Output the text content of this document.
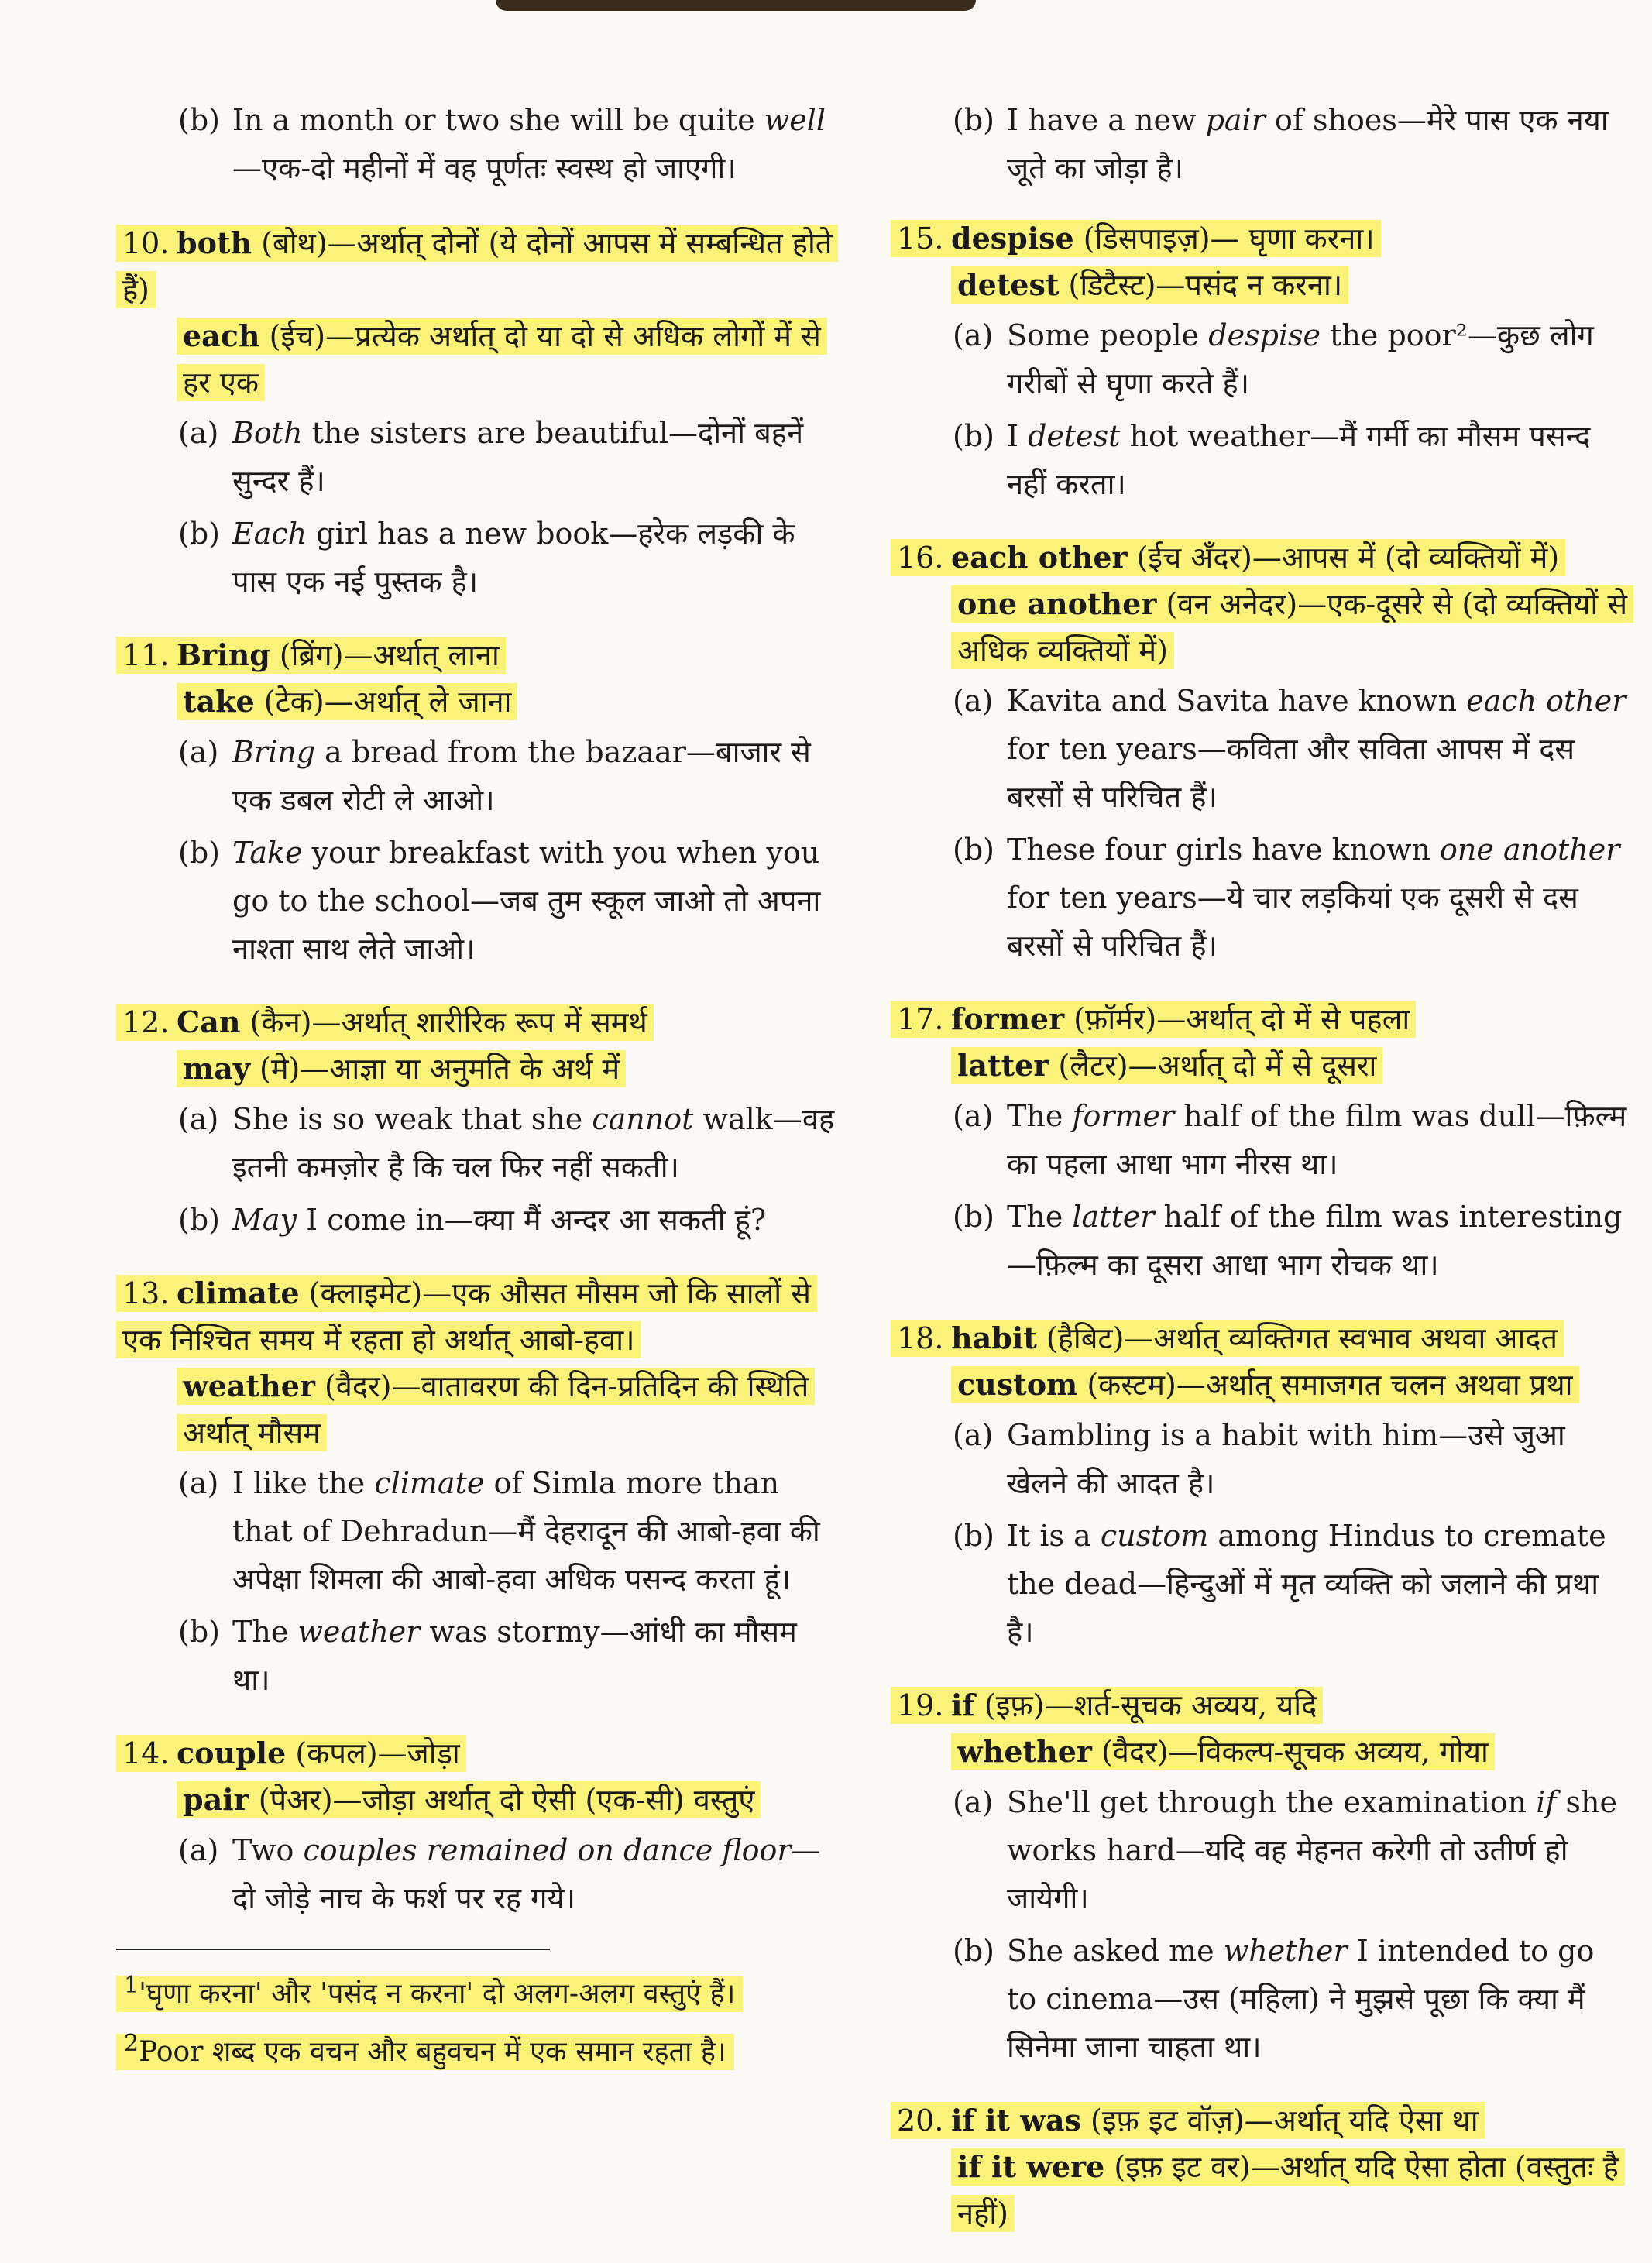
(b) In a month or two she will be quite well—एक-दो महीनों में वह पूर्णतः स्वस्थ हो जाएगी।

10. both (बोथ)—अर्थात् दोनों (ये दोनों आपस में सम्बन्धित होते हैं)

each (ईच)—प्रत्येक अर्थात् दो या दो से अधिक लोगों में से हर एक

(a) Both the sisters are beautiful—दोनों बहनें सुन्दर हैं।
(b) Each girl has a new book—हरेक लड़की के पास एक नई पुस्तक है।

11. Bring (ब्रिंग)—अर्थात् लाना

take (टेक)—अर्थात् ले जाना

(a) Bring a bread from the bazaar—बाजार से एक डबल रोटी ले आओ।
(b) Take your breakfast with you when you go to the school—जब तुम स्कूल जाओ तो अपना नाश्ता साथ लेते जाओ।

12. Can (कैन)—अर्थात् शारीरिक रूप में समर्थ

may (मे)—आज्ञा या अनुमति के अर्थ में

(a) She is so weak that she cannot walk—वह इतनी कमज़ोर है कि चल फिर नहीं सकती।
(b) May I come in—क्या मैं अन्दर आ सकती हूं?

13. climate (क्लाइमेट)—एक औसत मौसम जो कि सालों से एक निश्चित समय में रहता हो अर्थात् आबो-हवा।

weather (वैदर)—वातावरण की दिन-प्रतिदिन की स्थिति अर्थात् मौसम

(a) I like the climate of Simla more than that of Dehradun—मैं देहरादून की आबो-हवा की अपेक्षा शिमला की आबो-हवा अधिक पसन्द करता हूं।
(b) The weather was stormy—आंधी का मौसम था।

14. couple (कपल)—जोड़ा

pair (पेअर)—जोड़ा अर्थात् दो ऐसी (एक-सी) वस्तुएं

(a) Two couples remained on dance floor—दो जोड़े नाच के फर्श पर रह गये।

$^1$'घृणा करना' और 'पसंद न करना' दो अलग-अलग वस्तुएं हैं।

$^2$Poor शब्द एक वचन और बहुवचन में एक समान रहता है।

(b) I have a new pair of shoes—मेरे पास एक नया जूते का जोड़ा है।

15. despise (डिसपाइज़)— घृणा करना।

detest (डिटैस्ट)—पसंद न करना।

(a) Some people despise the poor²—कुछ लोग गरीबों से घृणा करते हैं।
(b) I detest hot weather—मैं गर्मी का मौसम पसन्द नहीं करता।

16. each other (ईच अँदर)—आपस में (दो व्यक्तियों में)

one another (वन अनेदर)—एक-दूसरे से (दो व्यक्तियों से अधिक व्यक्तियों में)

(a) Kavita and Savita have known each other for ten years—कविता और सविता आपस में दस बरसों से परिचित हैं।
(b) These four girls have known one another for ten years—ये चार लड़कियां एक दूसरी से दस बरसों से परिचित हैं।

17. former (फ़ॉर्मर)—अर्थात् दो में से पहला

latter (लैटर)—अर्थात् दो में से दूसरा

(a) The former half of the film was dull—फ़िल्म का पहला आधा भाग नीरस था।
(b) The latter half of the film was interesting—फ़िल्म का दूसरा आधा भाग रोचक था।

18. habit (हैबिट)—अर्थात् व्यक्तिगत स्वभाव अथवा आदत

custom (कस्टम)—अर्थात् समाजगत चलन अथवा प्रथा

(a) Gambling is a habit with him—उसे जुआ खेलने की आदत है।
(b) It is a custom among Hindus to cremate the dead—हिन्दुओं में मृत व्यक्ति को जलाने की प्रथा है।

19. if (इफ़)—शर्त-सूचक अव्यय, यदि

whether (वैदर)—विकल्प-सूचक अव्यय, गोया

(a) She'll get through the examination if she works hard—यदि वह मेहनत करेगी तो उतीर्ण हो जायेगी।
(b) She asked me whether I intended to go to cinema—उस (महिला) ने मुझसे पूछा कि क्या मैं सिनेमा जाना चाहता था।

20. if it was (इफ़ इट वॉज़)—अर्थात् यदि ऐसा था

if it were (इफ़ इट वर)—अर्थात् यदि ऐसा होता (वस्तुतः है नहीं)
